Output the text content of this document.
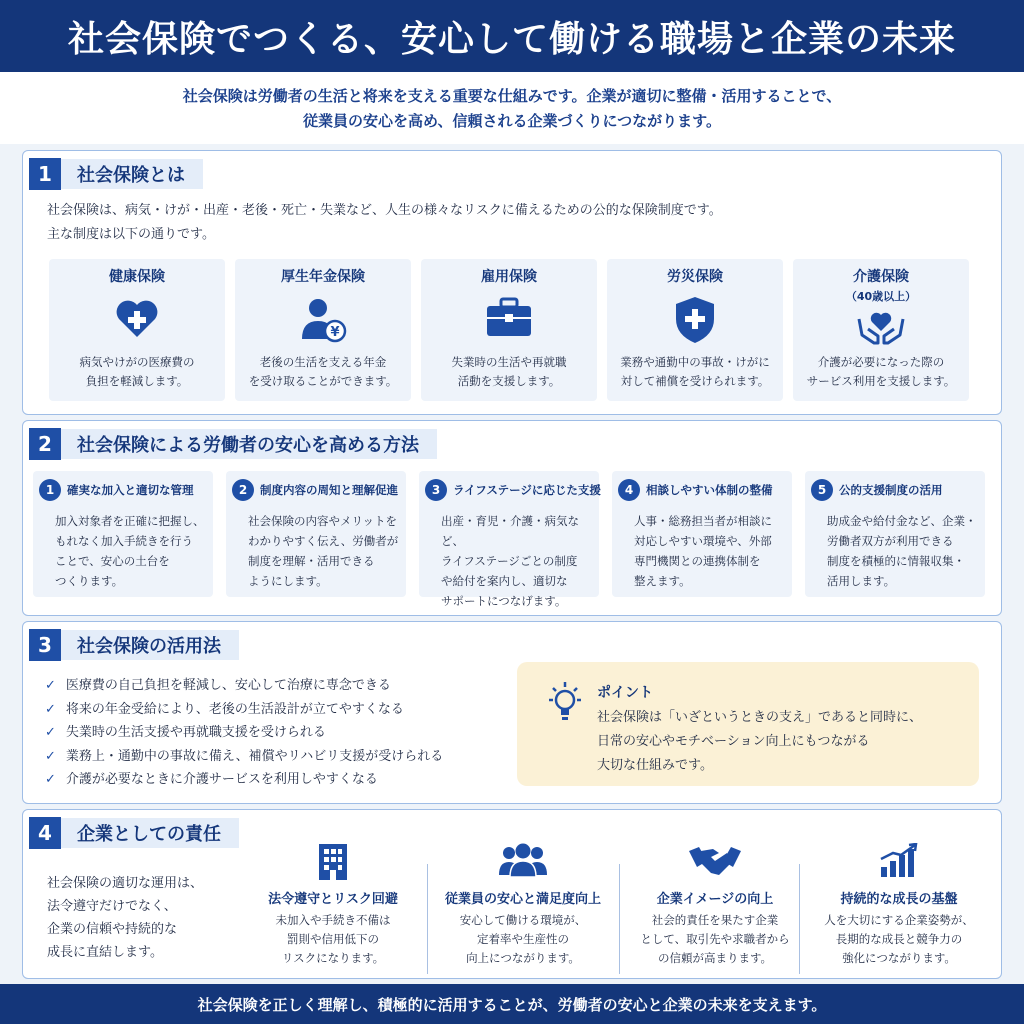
社会保険でつくる、安心して働ける職場と企業の未来

社会保険は労働者の生活と将来を支える重要な仕組みです。企業が適切に整備・活用することで、

従業員の安心を高め、信頼される企業づくりにつながります。

1	社会保険とは
社会保険は、病気・けが・出産・老後・死亡・失業など、人生の様々なリスクに備えるための公的な保険制度です。
主な制度は以下の通りです。
健康保険
病気やけがの医療費の
負担を軽減します。
厚生年金保険
¥
老後の生活を支える年金
を受け取ることができます。
雇用保険
失業時の生活や再就職
活動を支援します。
労災保険
業務や通勤中の事故・けがに
対して補償を受けられます。
介護保険
（40歳以上）
介護が必要になった際の
サービス利用を支援します。
2	社会保険による労働者の安心を高める方法
1	確実な加入と適切な管理
加入対象者を正確に把握し、
もれなく加入手続きを行う
ことで、安心の土台を
つくります。
2	制度内容の周知と理解促進
社会保険の内容やメリットを
わかりやすく伝え、労働者が
制度を理解・活用できる
ようにします。
3	ライフステージに応じた支援
出産・育児・介護・病気など、
ライフステージごとの制度
や給付を案内し、適切な
サポートにつなげます。
4	相談しやすい体制の整備
人事・総務担当者が相談に
対応しやすい環境や、外部
専門機関との連携体制を
整えます。
5	公的支援制度の活用
助成金や給付金など、企業・
労働者双方が利用できる
制度を積極的に情報収集・
活用します。
3	社会保険の活用法
✓ 医療費の自己負担を軽減し、安心して治療に専念できる
✓ 将来の年金受給により、老後の生活設計が立てやすくなる
✓ 失業時の生活支援や再就職支援を受けられる
✓ 業務上・通勤中の事故に備え、補償やリハビリ支援が受けられる
✓ 介護が必要なときに介護サービスを利用しやすくなる
ポイント
社会保険は「いざというときの支え」であると同時に、
日常の安心やモチベーション向上にもつながる
大切な仕組みです。
4	企業としての責任
社会保険の適切な運用は、
法令遵守だけでなく、
企業の信頼や持続的な
成長に直結します。
法令遵守とリスク回避
未加入や手続き不備は
罰則や信用低下の
リスクになります。
従業員の安心と満足度向上
安心して働ける環境が、
定着率や生産性の
向上につながります。
企業イメージの向上
社会的責任を果たす企業
として、取引先や求職者から
の信頼が高まります。
持続的な成長の基盤
人を大切にする企業姿勢が、
長期的な成長と競争力の
強化につながります。

社会保険を正しく理解し、積極的に活用することが、労働者の安心と企業の未来を支えます。
